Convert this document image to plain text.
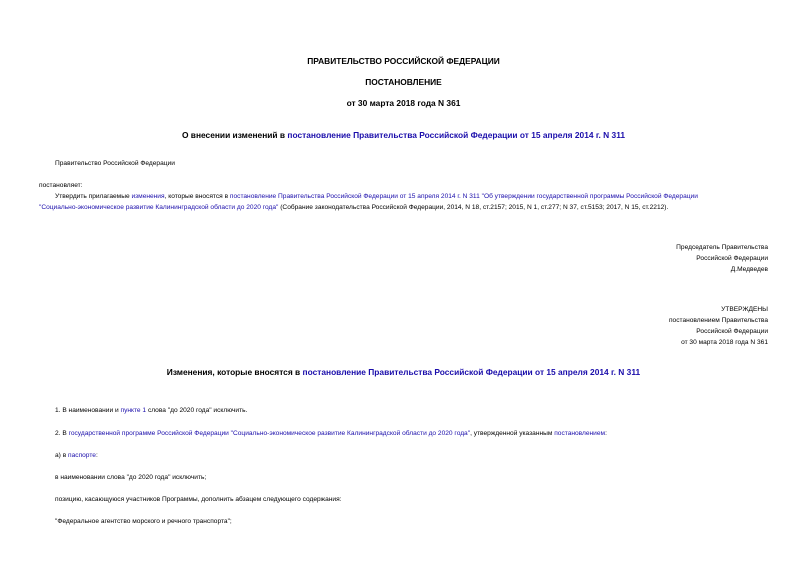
ПРАВИТЕЛЬСТВО РОССИЙСКОЙ ФЕДЕРАЦИИ
ПОСТАНОВЛЕНИЕ
от 30 марта 2018 года N 361
О внесении изменений в постановление Правительства Российской Федерации от 15 апреля 2014 г. N 311
Правительство Российской Федерации
постановляет:
Утвердить прилагаемые изменения, которые вносятся в постановление Правительства Российской Федерации от 15 апреля 2014 г. N 311 "Об утверждении государственной программы Российской Федерации
"Социально-экономическое развитие Калининградской области до 2020 года" (Собрание законодательства Российской Федерации, 2014, N 18, ст.2157; 2015, N 1, ст.277; N 37, ст.5153; 2017, N 15, ст.2212).
Председатель Правительства
Российской Федерации
Д.Медведев
УТВЕРЖДЕНЫ
постановлением Правительства
Российской Федерации
от 30 марта 2018 года N 361
Изменения, которые вносятся в постановление Правительства Российской Федерации от 15 апреля 2014 г. N 311
1. В наименовании и пункте 1 слова "до 2020 года" исключить.
2. В государственной программе Российской Федерации "Социально-экономическое развитие Калининградской области до 2020 года", утвержденной указанным постановлением:
а) в паспорте:
в наименовании слова "до 2020 года" исключить;
позицию, касающуюся участников Программы, дополнить абзацем следующего содержания:
"Федеральное агентство морского и речного транспорта";
